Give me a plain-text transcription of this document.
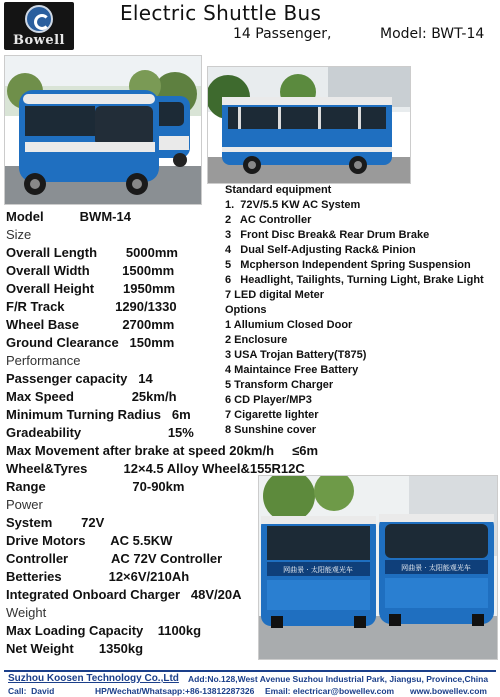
Bowell
Electric Shuttle Bus
14 Passenger,	Model: BWT-14
Model          BWM-14
Size
Overall Length        5000mm
Overall Width         1500mm
Overall Height        1950mm
F/R Track              1290/1330
Wheel Base            2700mm
Ground Clearance   150mm
Performance
Passenger capacity   14
Max Speed                25km/h
Minimum Turning Radius   6m
Gradeability                        15%
Max Movement after brake at speed 20km/h     ≤6m
Wheel&Tyres          12×4.5 Alloy Wheel&155R12C
Range                        70-90km
Power
System        72V
Drive Motors       AC 5.5KW
Controller            AC 72V Controller
Betteries             12×6V/210Ah
Integrated Onboard Charger   48V/20A
Weight
Max Loading Capacity    1100kg
Net Weight       1350kg
Standard equipment
1.  72V/5.5 KW AC System
2   AC Controller
3   Front Disc Break& Rear Drum Brake
4   Dual Self-Adjusting Rack& Pinion
5   Mcpherson Independent Spring Suspension
6   Headlight, Tailights, Turning Light, Brake Light
7 LED digital Meter
Options
1 Allumium Closed Door
2 Enclosure
3 USA Trojan Battery(T875)
4 Maintaince Free Battery
5 Transform Charger
6 CD Player/MP3
7 Cigarette lighter
8 Sunshine cover
网曲景 · 太阳能观光车	网曲景 · 太阳能观光车
Suzhou Koosen Technology Co.,Ltd Add:No.128,West Avenue Suzhou Industrial Park, Jiangsu, Province,China
Call:  David	HP/Wechat/Whatsapp:+86-13812287326 Email: electricar@bowellev.com www.bowellev.com
